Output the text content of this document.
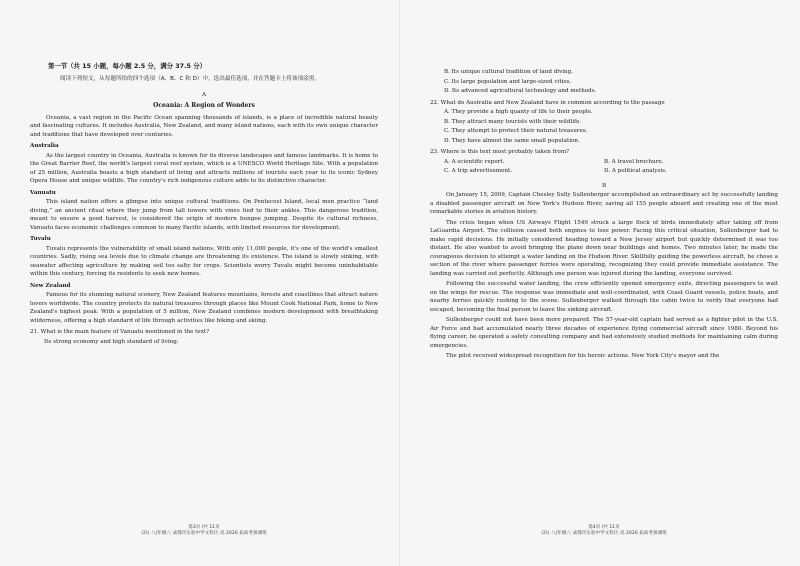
第一节（共 15 小题，每小题 2.5 分，满分 37.5 分）
阅读下列短文，从每题所给的四个选项（A、B、C 和 D）中，选出最佳选项，并在答题卡上将该项涂黑。
A
Oceania: A Region of Wonders

Oceania, a vast region in the Pacific Ocean spanning thousands of islands, is a place of incredible natural beauty and fascinating cultures. It includes Australia, New Zealand, and many island nations, each with its own unique character and traditions that have developed over centuries.

Australia

As the largest country in Oceania, Australia is known for its diverse landscapes and famous landmarks. It is home to the Great Barrier Reef, the world's largest coral reef system, which is a UNESCO World Heritage Site. With a population of 25 million, Australia boasts a high standard of living and attracts millions of tourists each year to its iconic Sydney Opera House and unique wildlife. The country's rich indigenous culture adds to its distinctive character.

Vanuatu

This island nation offers a glimpse into unique cultural traditions. On Pentecost Island, local men practice “land diving,” an ancient ritual where they jump from tall towers with vines tied to their ankles. This dangerous tradition, meant to ensure a good harvest, is considered the origin of modern bungee jumping. Despite its cultural richness, Vanuatu faces economic challenges common to many Pacific islands, with limited resources for development.

Tuvalu

Tuvalu represents the vulnerability of small island nations. With only 11,000 people, it's one of the world's smallest countries. Sadly, rising sea levels due to climate change are threatening its existence. The island is slowly sinking, with seawater affecting agriculture by making soil too salty for crops. Scientists worry Tuvalu might become uninhabitable within this century, forcing its residents to seek new homes.

New Zealand

Famous for its stunning natural scenery, New Zealand features mountains, forests and coastlines that attract nature lovers worldwide. The country protects its natural treasures through places like Mount Cook National Park, home to New Zealand's highest peak. With a population of 5 million, New Zealand combines modern development with breathtaking wilderness, offering a high standard of life through activities like biking and skiing.

21. What is the main feature of Vanuatu mentioned in the text?
Its strong economy and high standard of living.
第3页 /共 11页
(2)( 八)年级八 成都市实验中学文科区 高 2026 届高考备课组
B. Its unique cultural tradition of land diving.
C. Its large population and large-sized cities.
D. Its advanced agricultural technology and methods.
22. What do Australia and New Zealand have in common according to the passage
A. They provide a high quanty of life to their people.
B. They attract many tourists with their wildlife.
C. They attempt to protect their natural treasures.
D. They have almost the same small population.
23. Where is this text most probably taken from?
A. A scientific report.	B. A travel brochure.
C. A trip advertisement.	D. A political analysis.
B

On January 15, 2009, Captain Chesley Sully Sullenberger accomplished an extraordinary act by successfully landing a disabled passenger aircraft on New York's Hudson River, saving all 155 people aboard and creating one of the most remarkable stories in aviation history.

The crisis began when US Airways Flight 1549 struck a large flock of birds immediately after taking off from LaGuardia Airport. The collision caused both engines to lose power. Facing this critical situation, Sullenberger had to make rapid decisions. He initially considered heading toward a New Jersey airport but quickly determined it was too distant. He also wanted to avoid bringing the plane down near buildings and homes. Two minutes later, he made the courageous decision to attempt a water landing on the Hudson River. Skillfully guiding the powerless aircraft, he chose a section of the river where passenger ferries were operating, recognizing they could provide immediate assistance. The landing was carried out perfectly. Although one person was injured during the landing, everyone survived.

Following the successful water landing, the crew efficiently opened emergency exits, directing passengers to wait on the wings for rescue. The response was immediate and well-coordinated, with Coast Guard vessels, police boats, and nearby ferries quickly rushing to the scene. Sullenberger walked through the cabin twice to verify that everyone had escaped, becoming the final person to leave the sinking aircraft.

Sullenberger could not have been more prepared. The 57-year-old captain had served as a fighter pilot in the U.S. Air Force and had accumulated nearly three decades of experience flying commercial aircraft since 1980. Beyond his flying career, he operated a safety consulting company and had extensively studied methods for maintaining calm during emergencies.

The pilot received widespread recognition for his heroic actions. New York City's mayor and the

第4页 /共 11页
(2)( 八)年级八 成都市实验中学文科区 高 2026 届高考备课组
